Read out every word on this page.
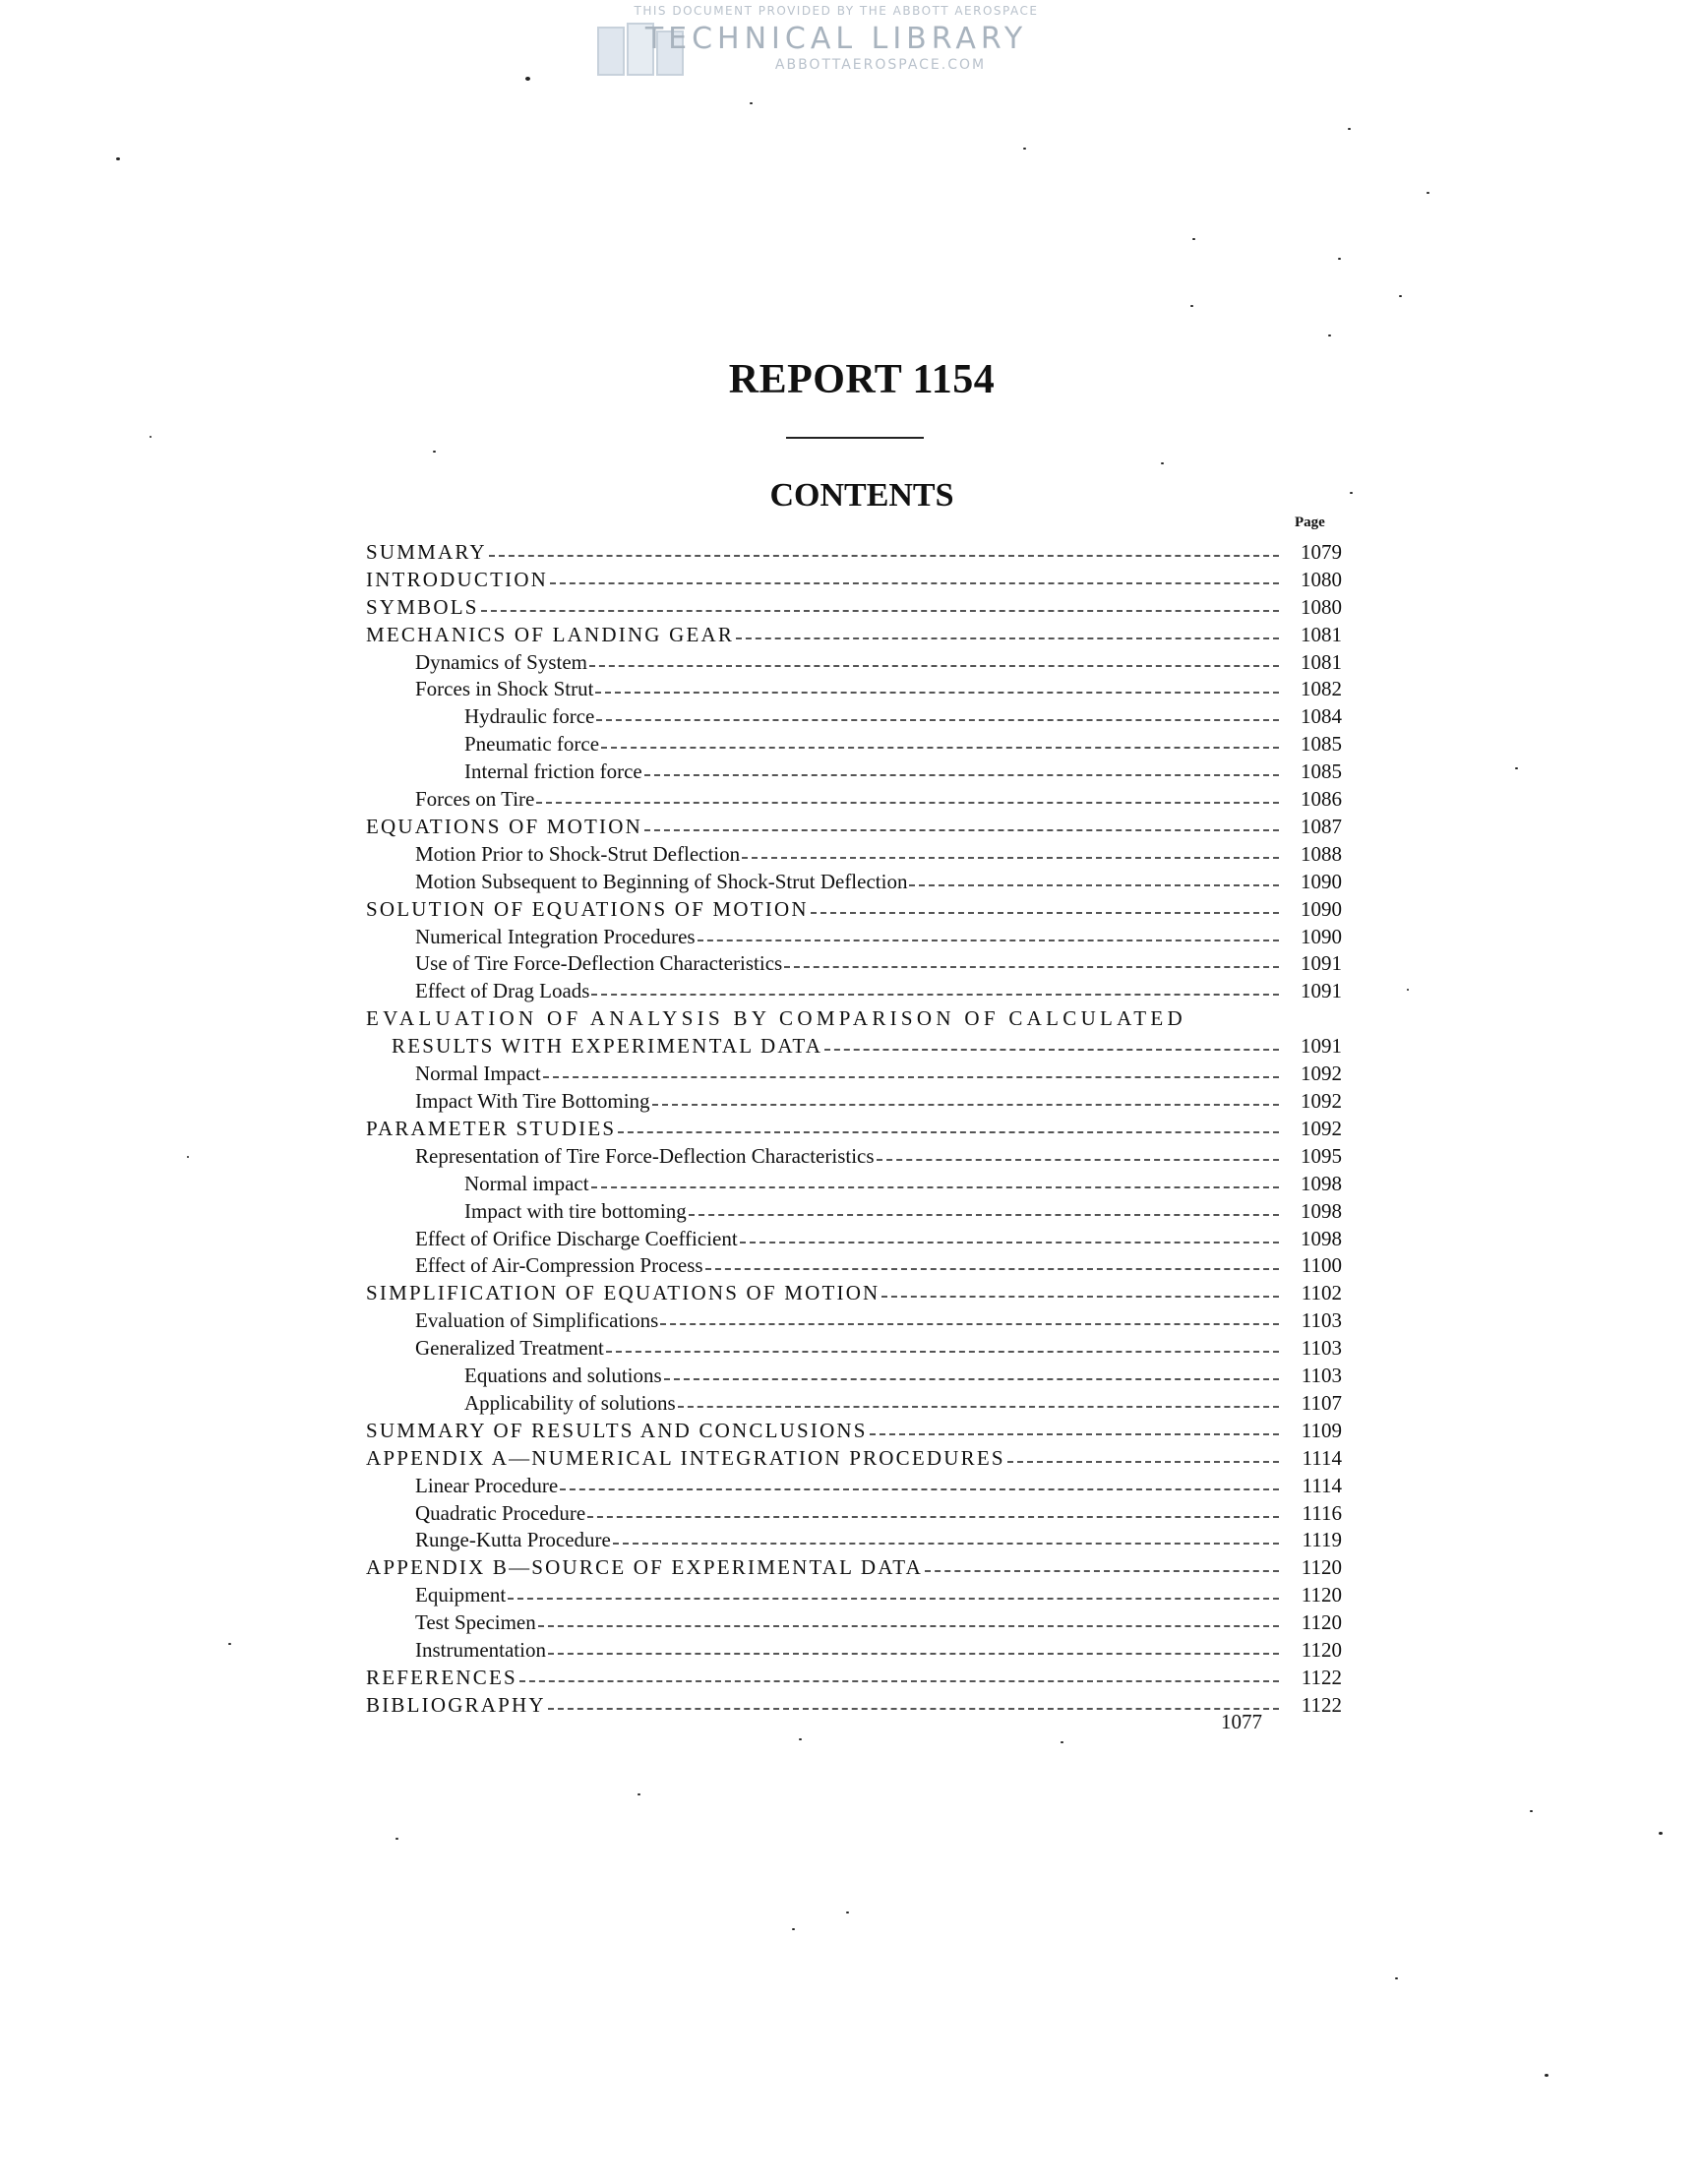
THIS DOCUMENT PROVIDED BY THE ABBOTT AEROSPACE
TECHNICAL LIBRARY
ABBOTTAEROSPACE.COM
REPORT 1154
CONTENTS
Page
SUMMARY	1079
INTRODUCTION	1080
SYMBOLS	1080
MECHANICS OF LANDING GEAR	1081
Dynamics of System	1081
Forces in Shock Strut	1082
Hydraulic force	1084
Pneumatic force	1085
Internal friction force	1085
Forces on Tire	1086
EQUATIONS OF MOTION	1087
Motion Prior to Shock-Strut Deflection	1088
Motion Subsequent to Beginning of Shock-Strut Deflection	1090
SOLUTION OF EQUATIONS OF MOTION	1090
Numerical Integration Procedures	1090
Use of Tire Force-Deflection Characteristics	1091
Effect of Drag Loads	1091
EVALUATION OF ANALYSIS BY COMPARISON OF CALCULATED
RESULTS WITH EXPERIMENTAL DATA	1091
Normal Impact	1092
Impact With Tire Bottoming	1092
PARAMETER STUDIES	1092
Representation of Tire Force-Deflection Characteristics	1095
Normal impact	1098
Impact with tire bottoming	1098
Effect of Orifice Discharge Coefficient	1098
Effect of Air-Compression Process	1100
SIMPLIFICATION OF EQUATIONS OF MOTION	1102
Evaluation of Simplifications	1103
Generalized Treatment	1103
Equations and solutions	1103
Applicability of solutions	1107
SUMMARY OF RESULTS AND CONCLUSIONS	1109
APPENDIX A—NUMERICAL INTEGRATION PROCEDURES	1114
Linear Procedure	1114
Quadratic Procedure	1116
Runge-Kutta Procedure	1119
APPENDIX B—SOURCE OF EXPERIMENTAL DATA	1120
Equipment	1120
Test Specimen	1120
Instrumentation	1120
REFERENCES	1122
BIBLIOGRAPHY	1122
1077
